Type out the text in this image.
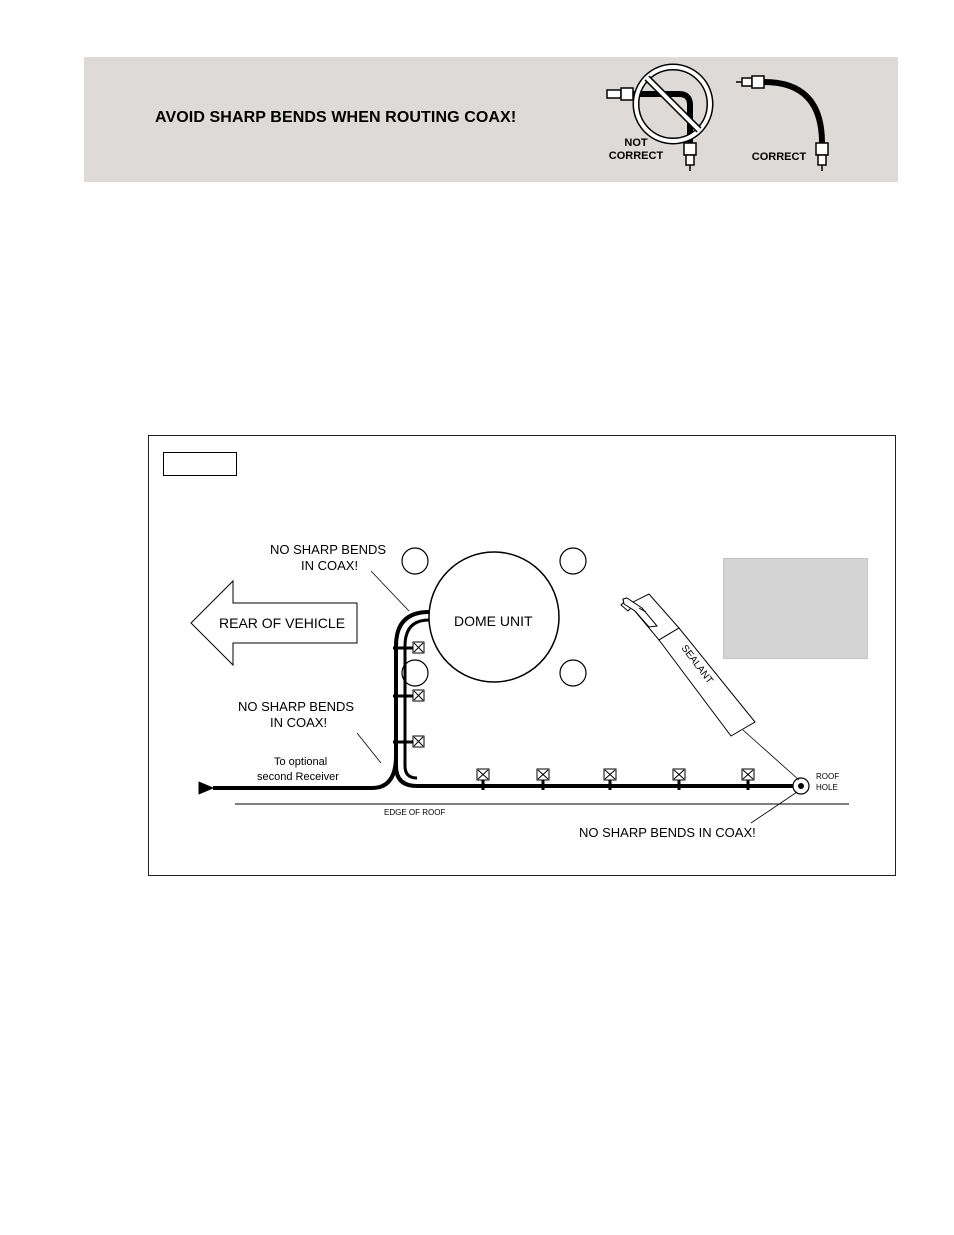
AVOID SHARP BENDS WHEN ROUTING COAX!
NOT
CORRECT	CORRECT
REAR OF VEHICLE	DOME UNIT
EDGE OF ROOF
ROOF
HOLE
SEALANT
NO SHARP BENDS
IN COAX!
NO SHARP BENDS
IN COAX!
To optional
second Receiver
NO SHARP BENDS IN COAX!
